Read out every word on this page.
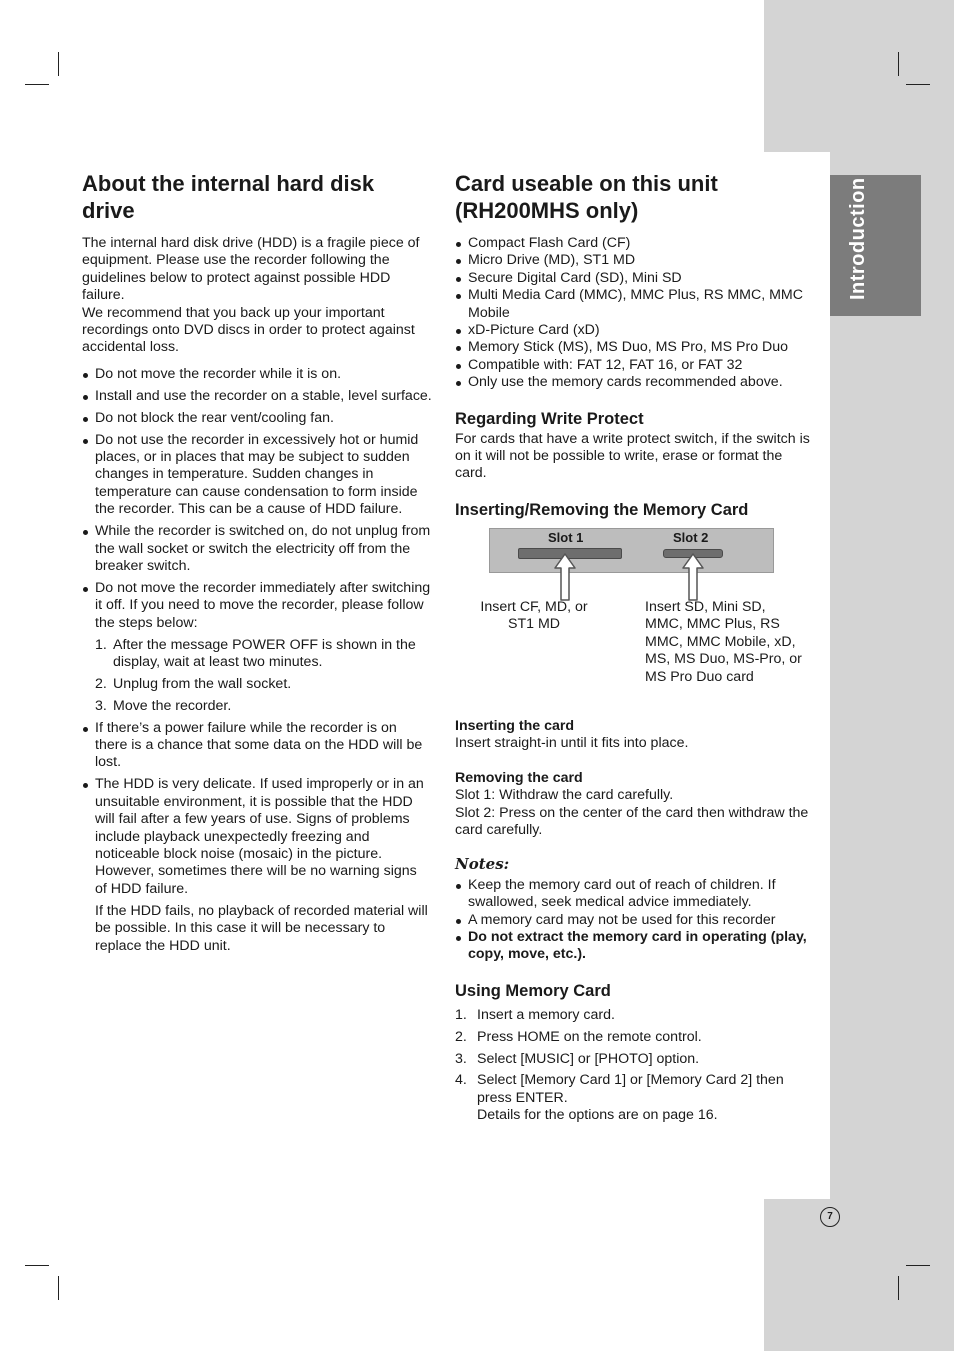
Introduction
7
About the internal hard disk drive

The internal hard disk drive (HDD) is a fragile piece of equipment. Please use the recorder following the guidelines below to protect against possible HDD failure.

We recommend that you back up your important recordings onto DVD discs in order to protect against accidental loss.

Do not move the recorder while it is on.
Install and use the recorder on a stable, level surface.
Do not block the rear vent/cooling fan.
Do not use the recorder in excessively hot or humid places, or in places that may be subject to sudden changes in temperature. Sudden changes in temperature can cause condensation to form inside the recorder. This can be a cause of HDD failure.
While the recorder is switched on, do not unplug from the wall socket or switch the electricity off from the breaker switch.
Do not move the recorder immediately after switching it off. If you need to move the recorder, please follow the steps below:
1. After the message POWER OFF is shown in the display, wait at least two minutes.
2. Unplug from the wall socket.
3. Move the recorder.
If there’s a power failure while the recorder is on there is a chance that some data on the HDD will be lost.
The HDD is very delicate. If used improperly or in an unsuitable environment, it is possible that the HDD will fail after a few years of use. Signs of problems include playback unexpectedly freezing and noticeable block noise (mosaic) in the picture. However, sometimes there will be no warning signs of HDD failure.

If the HDD fails, no playback of recorded material will be possible. In this case it will be necessary to replace the HDD unit.

Card useable on this unit (RH200MHS only)
Compact Flash Card (CF)
Micro Drive (MD), ST1 MD
Secure Digital Card (SD), Mini SD
Multi Media Card (MMC), MMC Plus, RS MMC, MMC Mobile
xD-Picture Card (xD)
Memory Stick (MS), MS Duo, MS Pro, MS Pro Duo
Compatible with: FAT 12, FAT 16, or FAT 32
Only use the memory cards recommended above.
Regarding Write Protect

For cards that have a write protect switch, if the switch is on it will not be possible to write, erase or format the card.

Inserting/Removing the Memory Card
Slot 1	Slot 2
Insert CF, MD, or ST1 MD
Insert SD, Mini SD, MMC, MMC Plus, RS MMC, MMC Mobile, xD, MS, MS Duo, MS-Pro, or MS Pro Duo card
Inserting the card

Insert straight-in until it fits into place.

Removing the card

Slot 1: Withdraw the card carefully.

Slot 2: Press on the center of the card then withdraw the card carefully.

Notes:

Keep the memory card out of reach of children. If swallowed, seek medical advice immediately.
A memory card may not be used for this recorder
Do not extract the memory card in operating (play, copy, move, etc.).
Using Memory Card
1. Insert a memory card.
2. Press HOME on the remote control.
3. Select [MUSIC] or [PHOTO] option.
4. Select [Memory Card 1] or [Memory Card 2] then press ENTER.
Details for the options are on page 16.
